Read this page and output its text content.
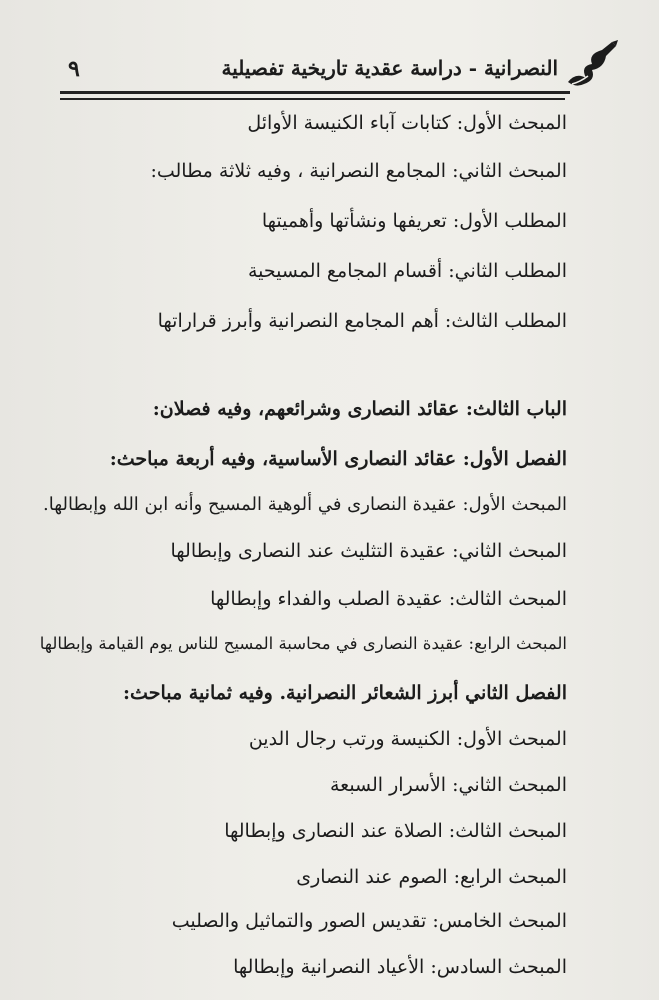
٩	النصرانية - دراسة عقدية تاريخية تفصيلية
المبحث الأول: كتابات آباء الكنيسة الأوائل
المبحث الثاني: المجامع النصرانية ، وفيه ثلاثة مطالب:
المطلب الأول: تعريفها ونشأتها وأهميتها
المطلب الثاني: أقسام المجامع المسيحية
المطلب الثالث: أهم المجامع النصرانية وأبرز قراراتها
الباب الثالث: عقائد النصارى وشرائعهم، وفيه فصلان:
الفصل الأول: عقائد النصارى الأساسية، وفيه أربعة مباحث:
المبحث الأول: عقيدة النصارى في ألوهية المسيح وأنه ابن الله وإبطالها.
المبحث الثاني: عقيدة التثليث عند النصارى وإبطالها
المبحث الثالث: عقيدة الصلب والفداء وإبطالها
المبحث الرابع: عقيدة النصارى في محاسبة المسيح للناس يوم القيامة وإبطالها
الفصل الثاني أبرز الشعائر النصرانية. وفيه ثمانية مباحث:
المبحث الأول: الكنيسة ورتب رجال الدين
المبحث الثاني: الأسرار السبعة
المبحث الثالث: الصلاة عند النصارى وإبطالها
المبحث الرابع: الصوم عند النصارى
المبحث الخامس: تقديس الصور والتماثيل والصليب
المبحث السادس: الأعياد النصرانية وإبطالها
